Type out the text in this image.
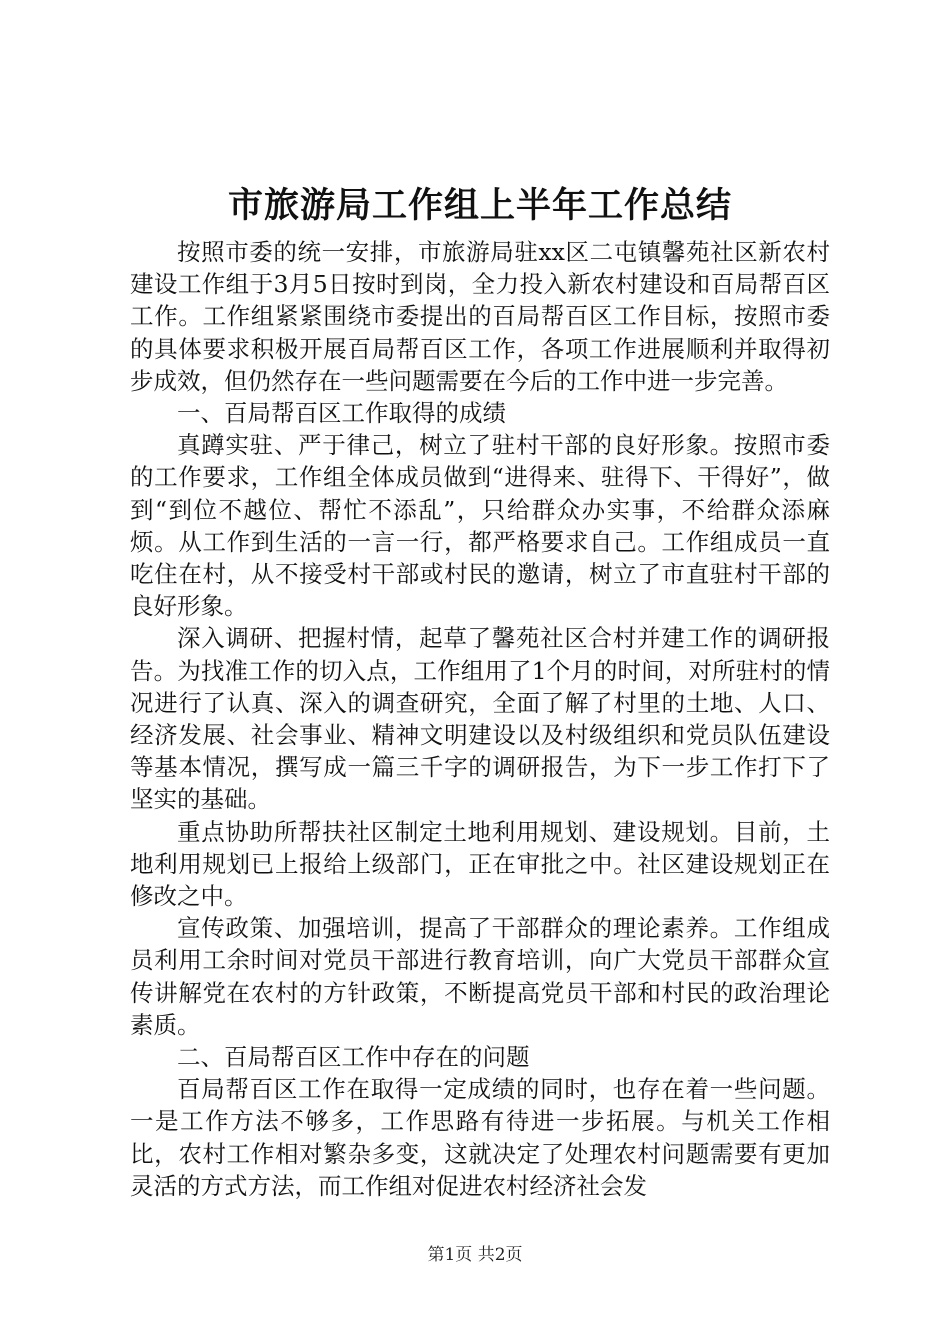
市旅游局工作组上半年工作总结

按照市委的统一安排，市旅游局驻xx区二屯镇馨苑社区新农村建设工作组于3月5日按时到岗，全力投入新农村建设和百局帮百区工作。工作组紧紧围绕市委提出的百局帮百区工作目标，按照市委的具体要求积极开展百局帮百区工作，各项工作进展顺利并取得初步成效，但仍然存在一些问题需要在今后的工作中进一步完善。

一、百局帮百区工作取得的成绩

真蹲实驻、严于律己，树立了驻村干部的良好形象。按照市委的工作要求，工作组全体成员做到“进得来、驻得下、干得好”，做到“到位不越位、帮忙不添乱”，只给群众办实事，不给群众添麻烦。从工作到生活的一言一行，都严格要求自己。工作组成员一直吃住在村，从不接受村干部或村民的邀请，树立了市直驻村干部的良好形象。

深入调研、把握村情，起草了馨苑社区合村并建工作的调研报告。为找准工作的切入点，工作组用了1个月的时间，对所驻村的情况进行了认真、深入的调查研究，全面了解了村里的土地、人口、经济发展、社会事业、精神文明建设以及村级组织和党员队伍建设等基本情况，撰写成一篇三千字的调研报告，为下一步工作打下了坚实的基础。

重点协助所帮扶社区制定土地利用规划、建设规划。目前，土地利用规划已上报给上级部门，正在审批之中。社区建设规划正在修改之中。

宣传政策、加强培训，提高了干部群众的理论素养。工作组成员利用工余时间对党员干部进行教育培训，向广大党员干部群众宣传讲解党在农村的方针政策，不断提高党员干部和村民的政治理论素质。

二、百局帮百区工作中存在的问题

百局帮百区工作在取得一定成绩的同时，也存在着一些问题。一是工作方法不够多，工作思路有待进一步拓展。与机关工作相比，农村工作相对繁杂多变，这就决定了处理农村问题需要有更加灵活的方式方法，而工作组对促进农村经济社会发

第1页 共2页
